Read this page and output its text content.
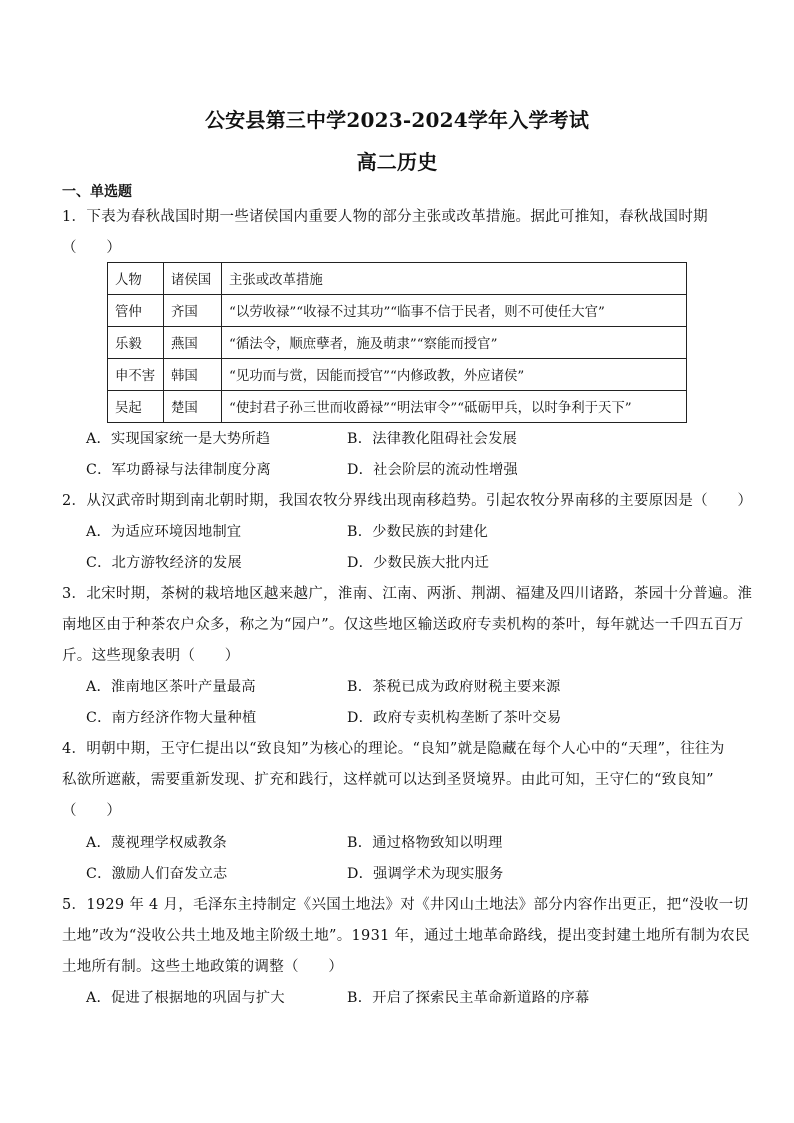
公安县第三中学2023-2024学年入学考试
高二历史
一、单选题
1．下表为春秋战国时期一些诸侯国内重要人物的部分主张或改革措施。据此可推知，春秋战国时期
（　　）
人物	诸侯国	主张或改革措施
管仲	齐国	“以劳收禄”“收禄不过其功”“临事不信于民者，则不可使任大官”
乐毅	燕国	“循法令，顺庶孽者，施及萌隶”“察能而授官”
申不害	韩国	“见功而与赏，因能而授官”“内修政教，外应诸侯”
吴起	楚国	“使封君子孙三世而收爵禄”“明法审令”“砥砺甲兵，以时争利于天下”
A．实现国家统一是大势所趋	B．法律教化阻碍社会发展
C．军功爵禄与法律制度分离	D．社会阶层的流动性增强
2．从汉武帝时期到南北朝时期，我国农牧分界线出现南移趋势。引起农牧分界南移的主要原因是（　　）
A．为适应环境因地制宜	B．少数民族的封建化
C．北方游牧经济的发展	D．少数民族大批内迁
3．北宋时期，茶树的栽培地区越来越广，淮南、江南、两浙、荆湖、福建及四川诸路，茶园十分普遍。淮
南地区由于种茶农户众多，称之为“园户”。仅这些地区输送政府专卖机构的茶叶，每年就达一千四五百万
斤。这些现象表明（　　）
A．淮南地区茶叶产量最高	B．茶税已成为政府财税主要来源
C．南方经济作物大量种植	D．政府专卖机构垄断了茶叶交易
4．明朝中期，王守仁提出以“致良知”为核心的理论。“良知”就是隐藏在每个人心中的“天理”，往往为
私欲所遮蔽，需要重新发现、扩充和践行，这样就可以达到圣贤境界。由此可知，王守仁的“致良知”
（　　）
A．蔑视理学权威教条	B．通过格物致知以明理
C．激励人们奋发立志	D．强调学术为现实服务
5．1929 年 4 月，毛泽东主持制定《兴国土地法》对《井冈山土地法》部分内容作出更正，把“没收一切
土地”改为“没收公共土地及地主阶级土地”。1931 年，通过土地革命路线，提出变封建土地所有制为农民
土地所有制。这些土地政策的调整（　　）
A．促进了根据地的巩固与扩大	B．开启了探索民主革命新道路的序幕
